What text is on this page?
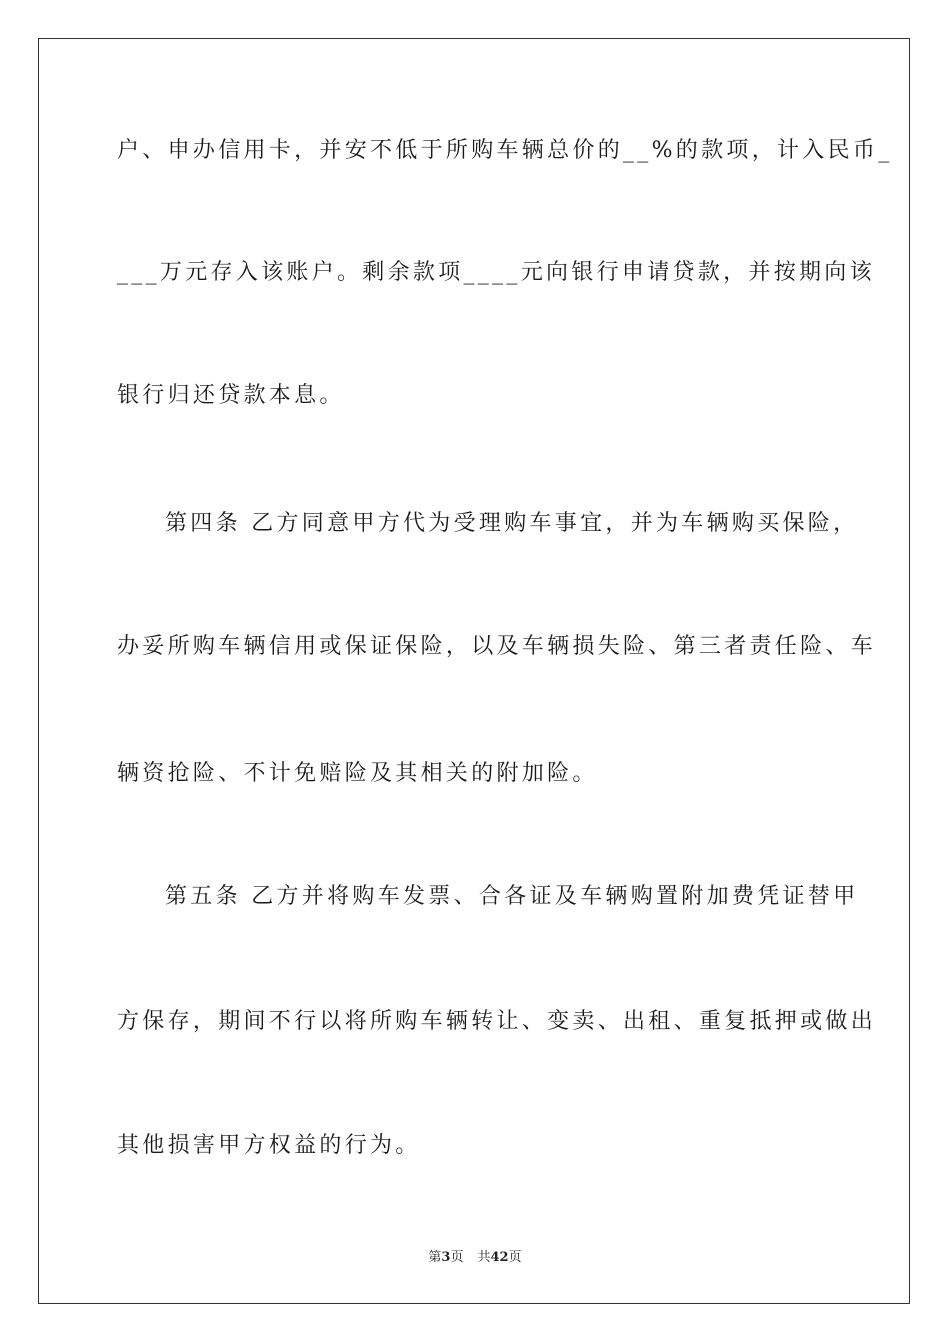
户、申办信用卡，并安不低于所购车辆总价的__%的款项，计入民币_
___万元存入该账户。剩余款项____元向银行申请贷款，并按期向该
银行归还贷款本息。
第四条 乙方同意甲方代为受理购车事宜，并为车辆购买保险，
办妥所购车辆信用或保证保险，以及车辆损失险、第三者责任险、车
辆资抢险、不计免赔险及其相关的附加险。
第五条 乙方并将购车发票、合各证及车辆购置附加费凭证替甲
方保存，期间不行以将所购车辆转让、变卖、出租、重复抵押或做出
其他损害甲方权益的行为。
第3页 共42页
